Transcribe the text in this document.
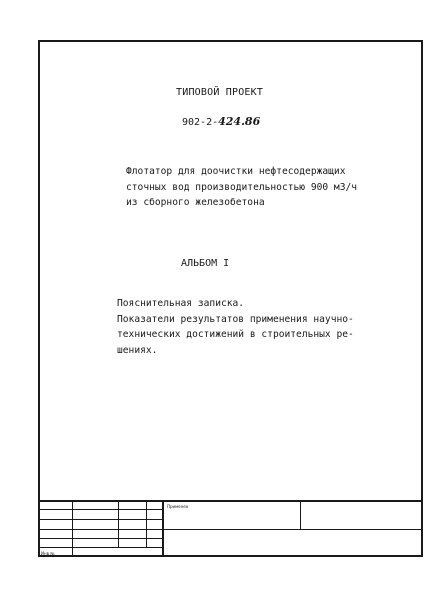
ТИПОВОЙ ПРОЕКТ
902-2-424.86
Флотатор для доочистки нефтесодержащих
сточных вод производительностью 900 м3/ч
из сборного железобетона
АЛЬБОМ I
Пояснительная записка.
Показатели результатов применения научно-
технических достижений в строительных ре-
шениях.
Применен
Инв №
